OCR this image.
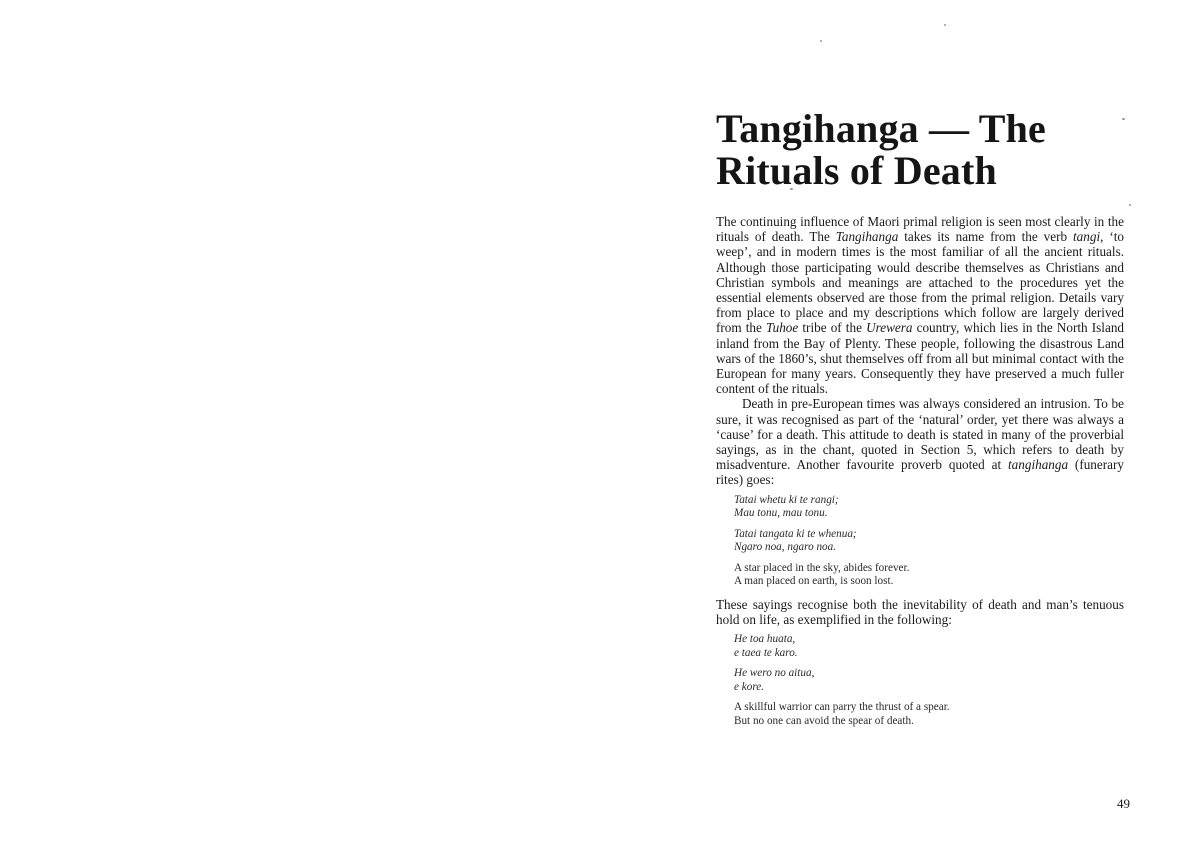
Tangihanga — The
Rituals of Death

The continuing influence of Maori primal religion is seen most clearly in the rituals of death. The Tangihanga takes its name from the verb tangi, ‘to weep’, and in modern times is the most familiar of all the ancient rituals. Although those participating would describe themselves as Christians and Christian symbols and meanings are attached to the procedures yet the essential elements observed are those from the primal religion. Details vary from place to place and my descriptions which follow are largely derived from the Tuhoe tribe of the Urewera country, which lies in the North Island inland from the Bay of Plenty. These people, following the disastrous Land wars of the 1860’s, shut themselves off from all but minimal contact with the European for many years. Consequently they have preserved a much fuller content of the rituals.

Death in pre-European times was always considered an intrusion. To be sure, it was recognised as part of the ‘natural’ order, yet there was always a ‘cause’ for a death. This attitude to death is stated in many of the proverbial sayings, as in the chant, quoted in Section 5, which refers to death by misadventure. Another favourite proverb quoted at tangihanga (funerary rites) goes:

Tatai whetu ki te rangi;
Mau tonu, mau tonu.
Tatai tangata ki te whenua;
Ngaro noa, ngaro noa.
A star placed in the sky, abides forever.
A man placed on earth, is soon lost.

These sayings recognise both the inevitability of death and man’s tenuous hold on life, as exemplified in the following:

He toa huata,
e taea te karo.
He wero no aitua,
e kore.
A skillful warrior can parry the thrust of a spear.
But no one can avoid the spear of death.
49
